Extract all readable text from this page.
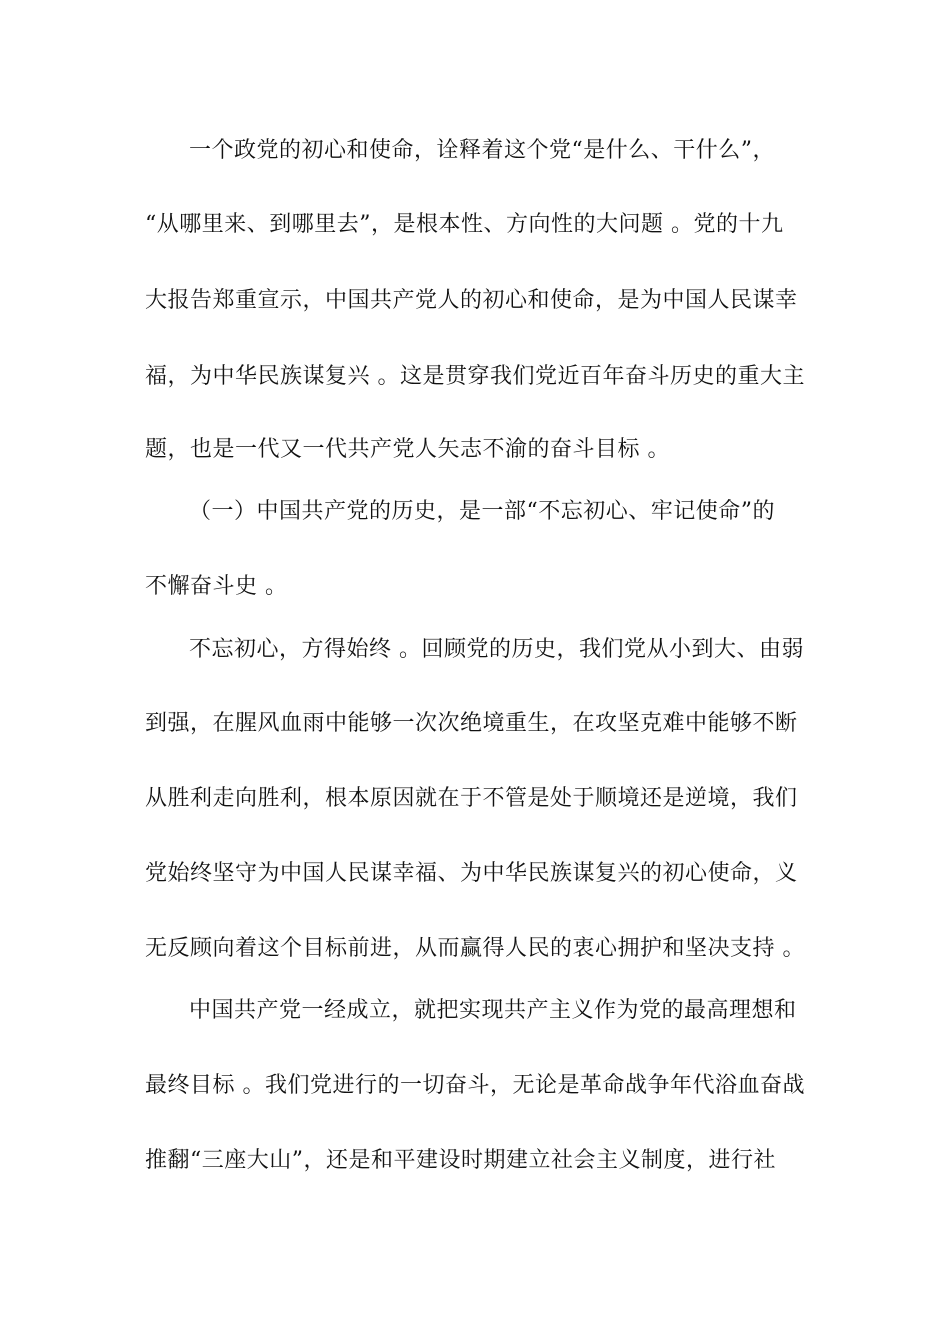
一个政党的初心和使命，诠释着这个党“是什么、干什么”，
“从哪里来、到哪里去”，是根本性、方向性的大问题 。党的十九
大报告郑重宣示，中国共产党人的初心和使命，是为中国人民谋幸
福，为中华民族谋复兴 。这是贯穿我们党近百年奋斗历史的重大主
题，也是一代又一代共产党人矢志不渝的奋斗目标 。
（一）中国共产党的历史，是一部“不忘初心、牢记使命”的
不懈奋斗史 。
不忘初心，方得始终 。回顾党的历史，我们党从小到大、由弱
到强，在腥风血雨中能够一次次绝境重生，在攻坚克难中能够不断
从胜利走向胜利，根本原因就在于不管是处于顺境还是逆境，我们
党始终坚守为中国人民谋幸福、为中华民族谋复兴的初心使命，义
无反顾向着这个目标前进，从而赢得人民的衷心拥护和坚决支持 。
中国共产党一经成立，就把实现共产主义作为党的最高理想和
最终目标 。我们党进行的一切奋斗，无论是革命战争年代浴血奋战
推翻“三座大山”，还是和平建设时期建立社会主义制度，进行社
